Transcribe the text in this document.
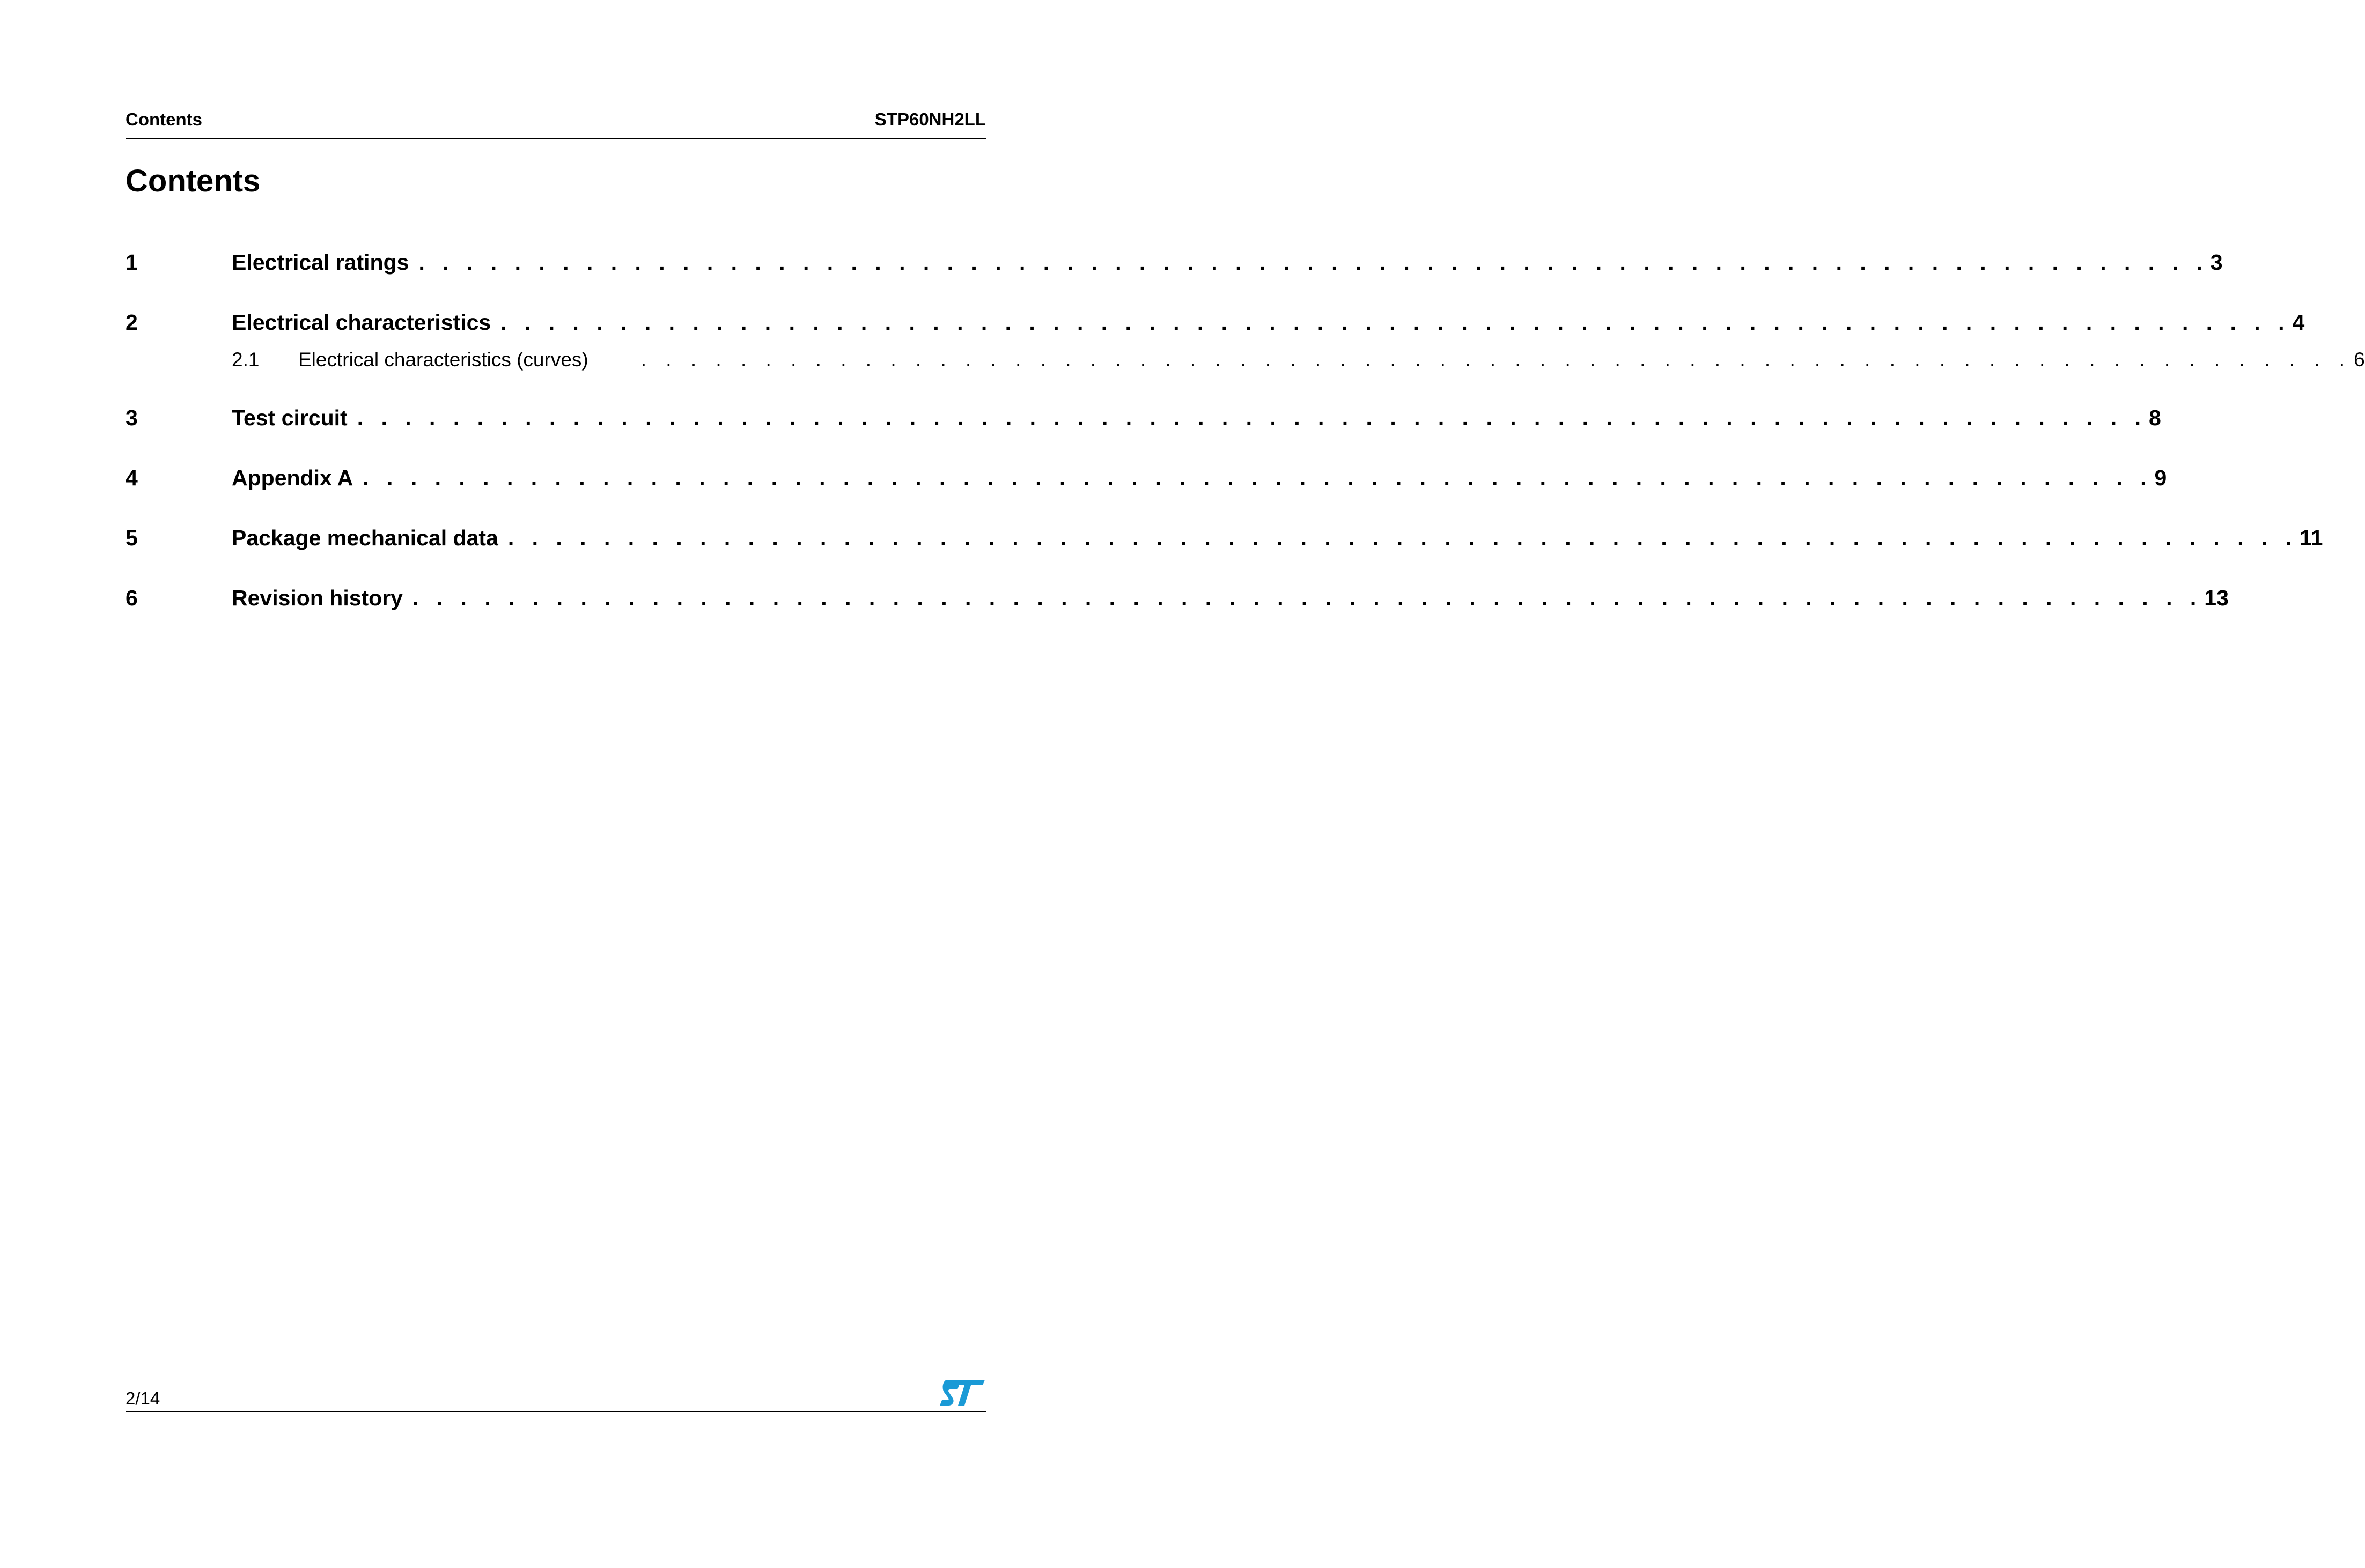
Contents	STP60NH2LL
Contents
1	Electrical ratings . . . . . . . . . . . . . . . . . . . . . . . . . . . . . . . . . . . . . . . . . . . . . . . . . . . . . . . . . . . . . . . . . . . . . . . . . . . 3
2	Electrical characteristics . . . . . . . . . . . . . . . . . . . . . . . . . . . . . . . . . . . . . . . . . . . . . . . . . . . . . . . . . . . . . . . . . . . . . . . . . . . 4
2.1	Electrical characteristics (curves)	. . . . . . . . . . . . . . . . . . . . . . . . . . . . . . . . . . . . . . . . . . . . . . . . . . . . . . . . . . . . . . . . . . . . . 6
3	Test circuit . . . . . . . . . . . . . . . . . . . . . . . . . . . . . . . . . . . . . . . . . . . . . . . . . . . . . . . . . . . . . . . . . . . . . . . . . . . 8
4	Appendix A . . . . . . . . . . . . . . . . . . . . . . . . . . . . . . . . . . . . . . . . . . . . . . . . . . . . . . . . . . . . . . . . . . . . . . . . . . . 9
5	Package mechanical data . . . . . . . . . . . . . . . . . . . . . . . . . . . . . . . . . . . . . . . . . . . . . . . . . . . . . . . . . . . . . . . . . . . . . . . . . . . 11
6	Revision history . . . . . . . . . . . . . . . . . . . . . . . . . . . . . . . . . . . . . . . . . . . . . . . . . . . . . . . . . . . . . . . . . . . . . . . . . . . 13
2/14
